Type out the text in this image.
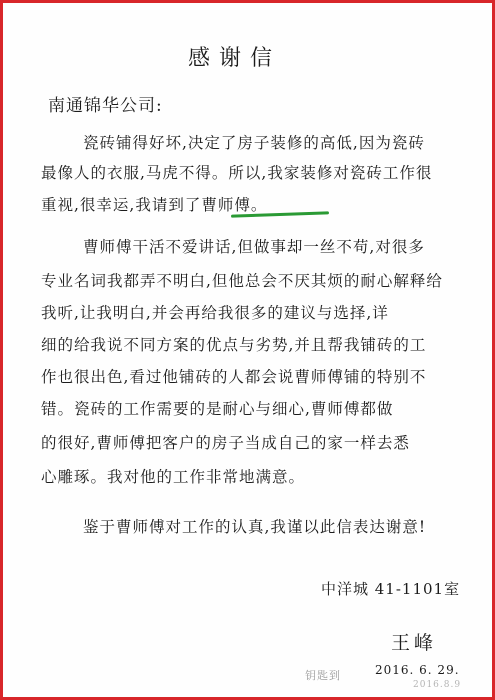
感谢信
南通锦华公司:
瓷砖铺得好坏,决定了房子装修的高低,因为瓷砖
最像人的衣服,马虎不得。所以,我家装修对瓷砖工作很
重视,很幸运,我请到了曹师傅。
曹师傅干活不爱讲话,但做事却一丝不苟,对很多
专业名词我都弄不明白,但他总会不厌其烦的耐心解释给
我听,让我明白,并会再给我很多的建议与选择,详
细的给我说不同方案的优点与劣势,并且帮我铺砖的工
作也很出色,看过他铺砖的人都会说曹师傅铺的特别不
错。瓷砖的工作需要的是耐心与细心,曹师傅都做
的很好,曹师傅把客户的房子当成自己的家一样去悉
心雕琢。我对他的工作非常地满意。
鉴于曹师傅对工作的认真,我谨以此信表达谢意!
中洋城 41-1101室
王峰
钥匙到	2016. 6. 29.
2016.8.9
